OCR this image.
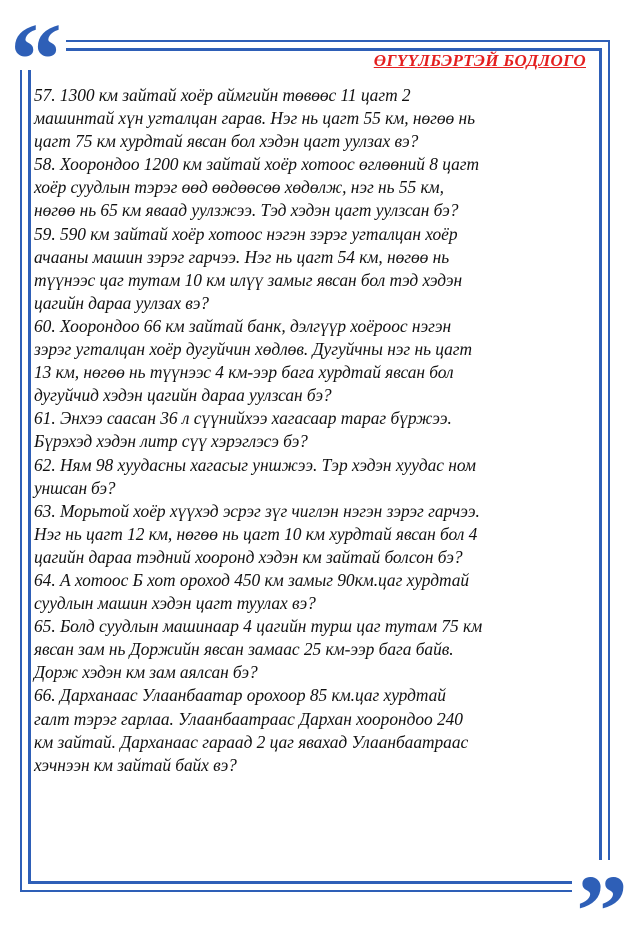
“
”
ӨГҮҮЛБЭРТЭЙ БОДЛОГО
57. 1300 км зайтай хоёр аймгийн төвөөс 11 цагт 2
машинтай хүн угталцан гарав. Нэг нь цагт 55 км, нөгөө нь
цагт 75 км хурдтай явсан бол хэдэн цагт уулзах вэ?
58. Хоорондоо 1200 км зайтай хоёр хотоос өглөөний 8 цагт
хоёр суудлын тэрэг өөд өөдөөсөө хөдөлж, нэг нь 55 км,
нөгөө нь 65 км яваад уулзжээ. Тэд хэдэн цагт уулзсан бэ?
59. 590 км зайтай хоёр хотоос нэгэн зэрэг угталцан хоёр
ачааны машин зэрэг гарчээ. Нэг нь цагт 54 км, нөгөө нь
түүнээс цаг тутам 10 км илүү замыг явсан бол тэд хэдэн
цагийн дараа уулзах вэ?
60. Хоорондоо 66 км зайтай банк, дэлгүүр хоёроос нэгэн
зэрэг угталцан хоёр дугуйчин хөдлөв. Дугуйчны нэг нь цагт
13 км, нөгөө нь түүнээс 4 км-ээр бага хурдтай явсан бол
дугуйчид хэдэн цагийн дараа уулзсан бэ?
61. Энхээ саасан 36 л сүүнийхээ хагасаар тараг бүржээ.
Бүрэхэд хэдэн литр сүү хэрэглэсэ бэ?
62. Ням 98 хуудасны хагасыг уншжээ. Тэр хэдэн хуудас ном
уншсан бэ?
63. Морьтой хоёр хүүхэд эсрэг зүг чиглэн нэгэн зэрэг гарчээ.
Нэг нь цагт 12 км, нөгөө нь цагт 10 км хурдтай явсан бол 4
цагийн дараа тэдний хооронд хэдэн км зайтай болсон бэ?
64. А хотоос Б хот ороход 450 км замыг 90км.цаг хурдтай
суудлын машин хэдэн цагт туулах вэ?
65. Болд суудлын машинаар 4 цагийн турш цаг тутам 75 км
явсан зам нь Доржийн явсан замаас 25 км-ээр бага байв.
Дорж хэдэн км зам аялсан бэ?
66. Дарханаас Улаанбаатар орохоор 85 км.цаг хурдтай
галт тэрэг гарлаа. Улаанбаатраас Дархан хоорондоо 240
км зайтай. Дарханаас гараад 2 цаг явахад Улаанбаатраас
хэчнээн км зайтай байх вэ?
